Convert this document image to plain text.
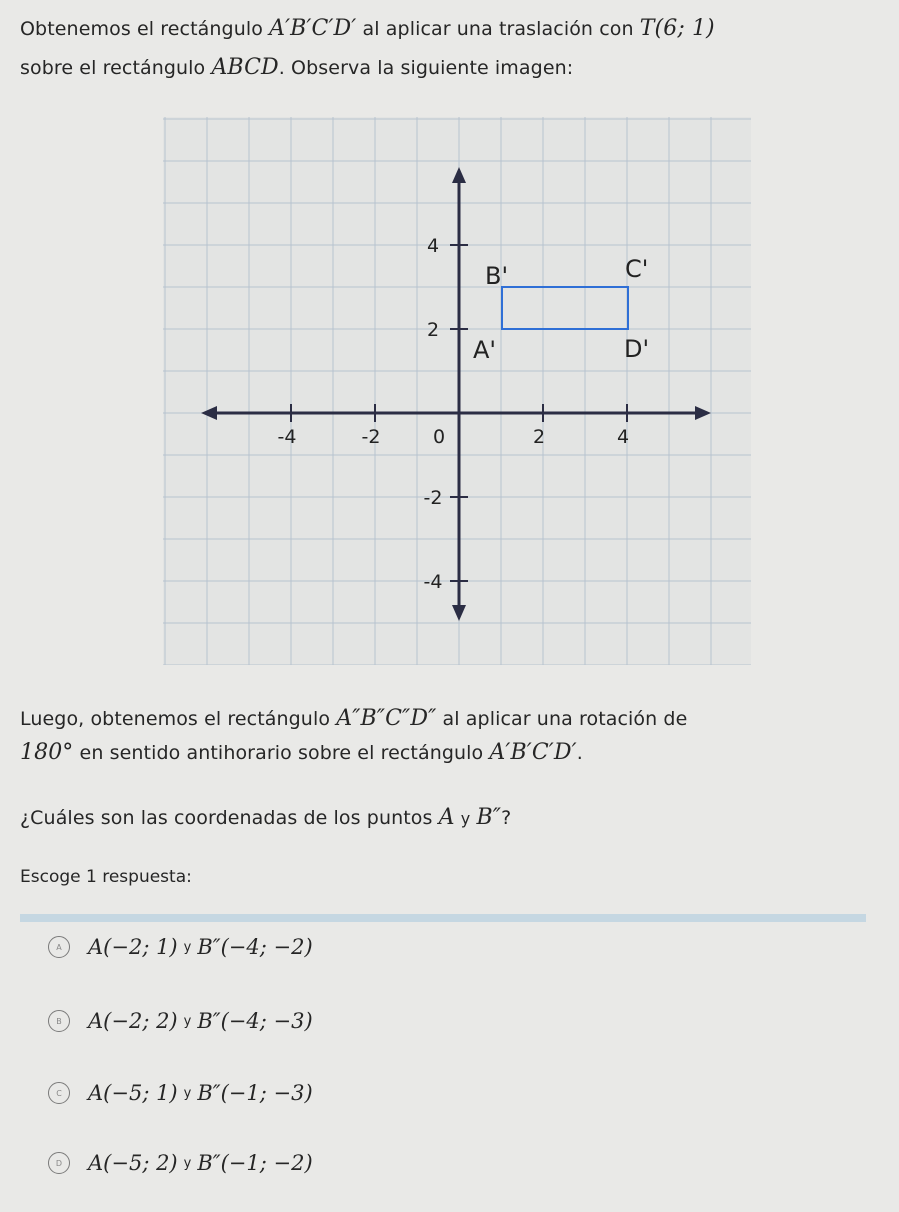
Obtenemos el rectángulo A′B′C′D′ al aplicar una traslación con T(6; 1)
sobre el rectángulo ABCD. Observa la siguiente imagen:
-4	-2	0	2	4
4
2
-2
-4
B'	C'
A'	D'
Luego, obtenemos el rectángulo A″B″C″D″ al aplicar una rotación de
180° en sentido antihorario sobre el rectángulo A′B′C′D′.
¿Cuáles son las coordenadas de los puntos A y B″?
Escoge 1 respuesta:
A	A(−2; 1) y B″(−4; −2)
B	A(−2; 2) y B″(−4; −3)
C	A(−5; 1) y B″(−1; −3)
D	A(−5; 2) y B″(−1; −2)
